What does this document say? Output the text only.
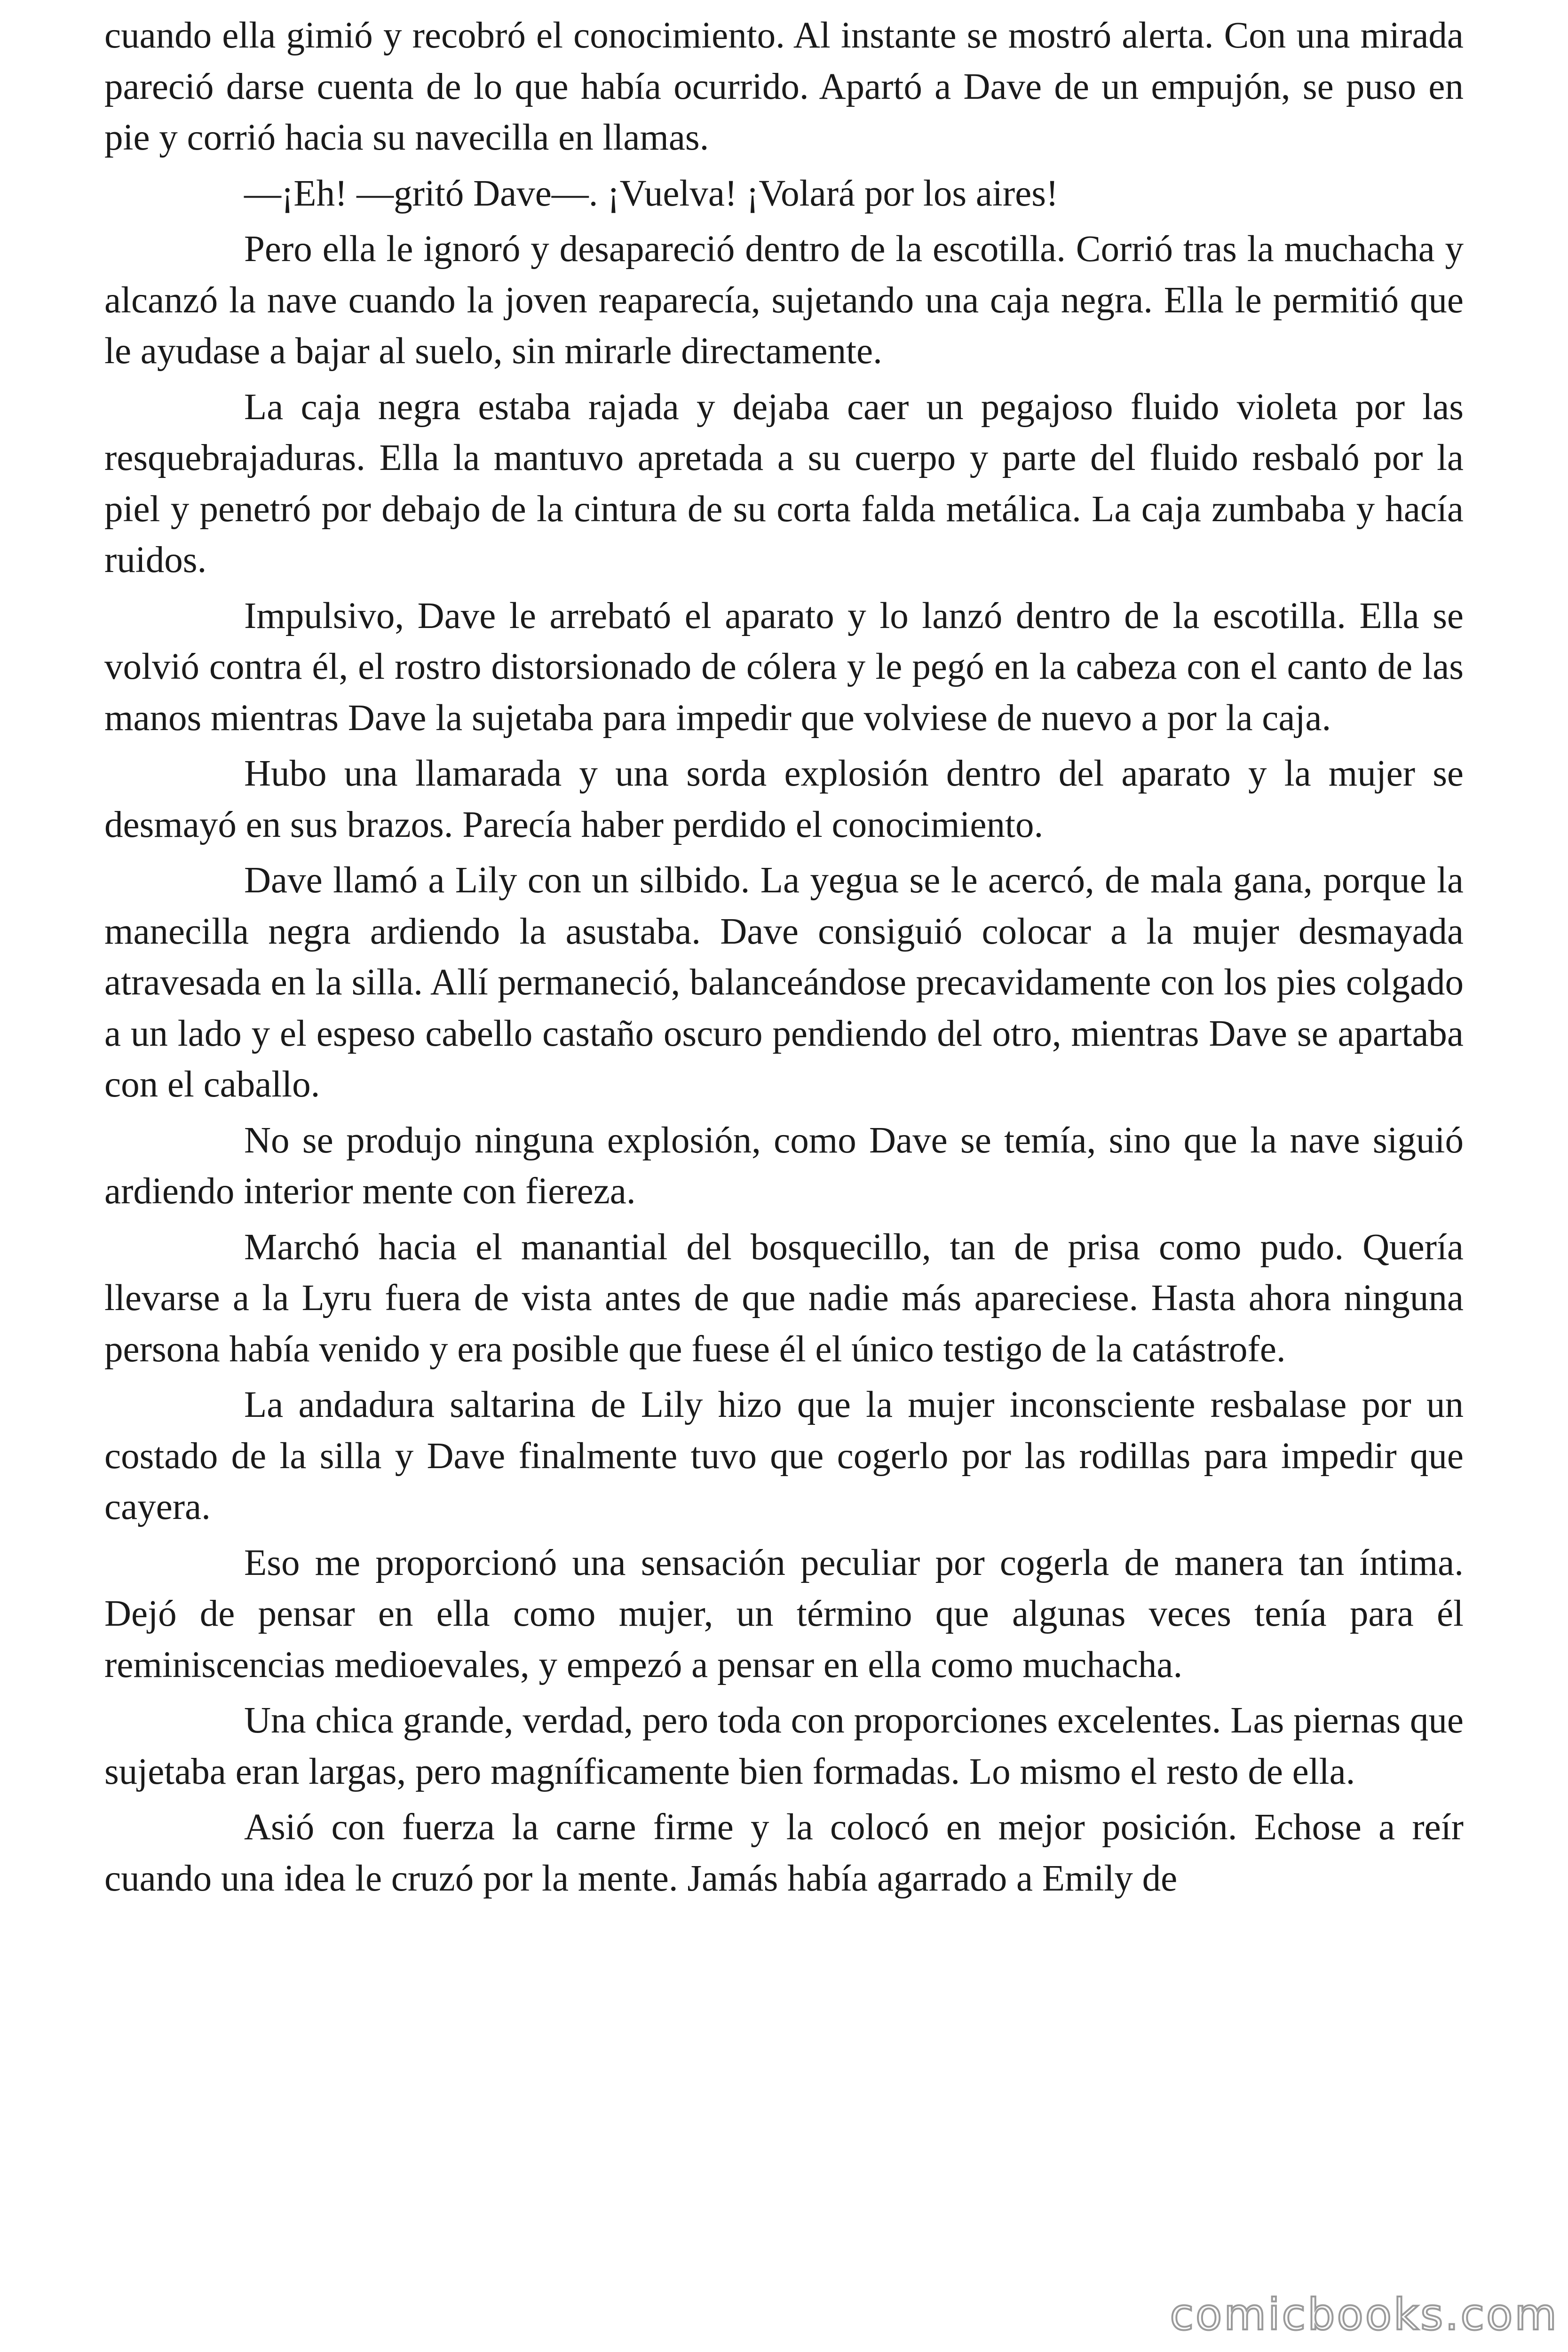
cuando ella gimió y recobró el conocimiento. Al instante se mostró alerta. Con una mirada pareció darse cuenta de lo que había ocurrido. Apartó a Dave de un empujón, se puso en pie y corrió hacia su navecilla en llamas.

—¡Eh! —gritó Dave—. ¡Vuelva! ¡Volará por los aires!

Pero ella le ignoró y desapareció dentro de la escotilla. Corrió tras la muchacha y alcanzó la nave cuando la joven reaparecía, sujetando una caja negra. Ella le permitió que le ayudase a bajar al suelo, sin mirarle directamente.

La caja negra estaba rajada y dejaba caer un pegajoso fluido violeta por las resquebrajaduras. Ella la mantuvo apretada a su cuerpo y parte del fluido resbaló por la piel y penetró por debajo de la cintura de su corta falda metálica. La caja zumbaba y hacía ruidos.

Impulsivo, Dave le arrebató el aparato y lo lanzó dentro de la escotilla. Ella se volvió contra él, el rostro distorsionado de cólera y le pegó en la cabeza con el canto de las manos mientras Dave la sujetaba para impedir que volviese de nuevo a por la caja.

Hubo una llamarada y una sorda explosión dentro del aparato y la mujer se desmayó en sus brazos. Parecía haber perdido el conocimiento.

Dave llamó a Lily con un silbido. La yegua se le acercó, de mala gana, porque la manecilla negra ardiendo la asustaba. Dave consiguió colocar a la mujer desmayada atravesada en la silla. Allí permaneció, balanceándose precavidamente con los pies colgado a un lado y el espeso cabello castaño oscuro pendiendo del otro, mientras Dave se apartaba con el caballo.

No se produjo ninguna explosión, como Dave se temía, sino que la nave siguió ardiendo interior mente con fiereza.

Marchó hacia el manantial del bosquecillo, tan de prisa como pudo. Quería llevarse a la Lyru fuera de vista antes de que nadie más apareciese. Hasta ahora ninguna persona había venido y era posible que fuese él el único testigo de la catástrofe.

La andadura saltarina de Lily hizo que la mujer inconsciente resbalase por un costado de la silla y Dave finalmente tuvo que cogerlo por las rodillas para impedir que cayera.

Eso me proporcionó una sensación peculiar por cogerla de manera tan íntima. Dejó de pensar en ella como mujer, un término que algunas veces tenía para él reminiscencias medioevales, y empezó a pensar en ella como muchacha.

Una chica grande, verdad, pero toda con proporciones excelentes. Las piernas que sujetaba eran largas, pero magníficamente bien formadas. Lo mismo el resto de ella.

Asió con fuerza la carne firme y la colocó en mejor posición. Echose a reír cuando una idea le cruzó por la mente. Jamás había agarrado a Emily de

comicbooks.com
